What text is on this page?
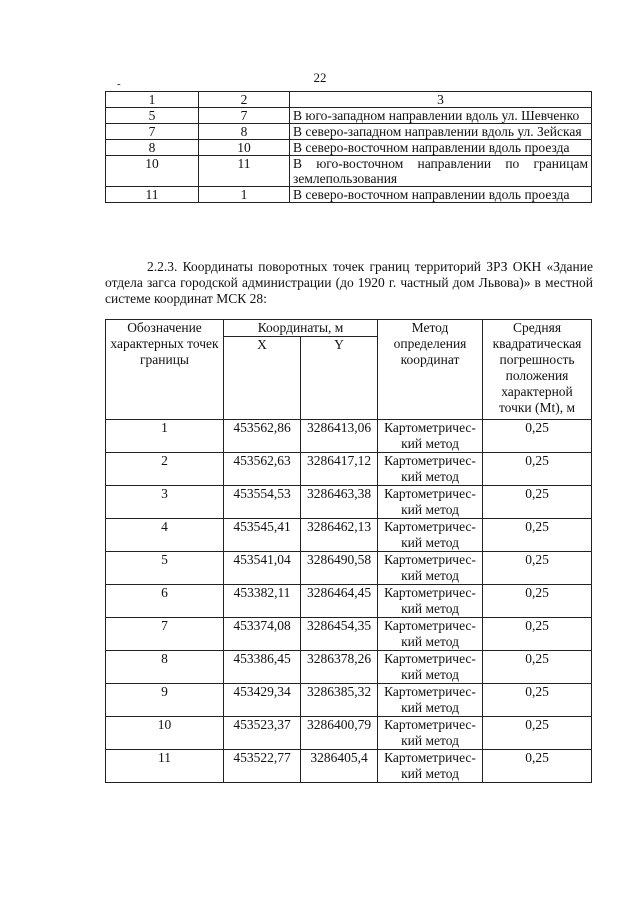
22
-
1	2	3
5	7	В юго-западном направлении вдоль ул. Шевченко
7	8	В северо-западном направлении вдоль ул. Зейская
8	10	В северо-восточном направлении вдоль проезда
10	11	В юго-восточном направлении по границам землепользования
11	1	В северо-восточном направлении вдоль проезда
2.2.3. Координаты поворотных точек границ территорий ЗРЗ ОКН «Здание отдела загса городской администрации (до 1920 г. частный дом Львова)» в местной системе координат МСК 28:
Обозначение характерных точек границы	Координаты, м		Метод определения координат	Средняя квадратическая погрешность положения характерной точки (Mt), м
	X	Y		
1	453562,86	3286413,06	Картометричес-кий метод	0,25
2	453562,63	3286417,12	Картометричес-кий метод	0,25
3	453554,53	3286463,38	Картометричес-кий метод	0,25
4	453545,41	3286462,13	Картометричес-кий метод	0,25
5	453541,04	3286490,58	Картометричес-кий метод	0,25
6	453382,11	3286464,45	Картометричес-кий метод	0,25
7	453374,08	3286454,35	Картометричес-кий метод	0,25
8	453386,45	3286378,26	Картометричес-кий метод	0,25
9	453429,34	3286385,32	Картометричес-кий метод	0,25
10	453523,37	3286400,79	Картометричес-кий метод	0,25
11	453522,77	3286405,4	Картометричес-кий метод	0,25
